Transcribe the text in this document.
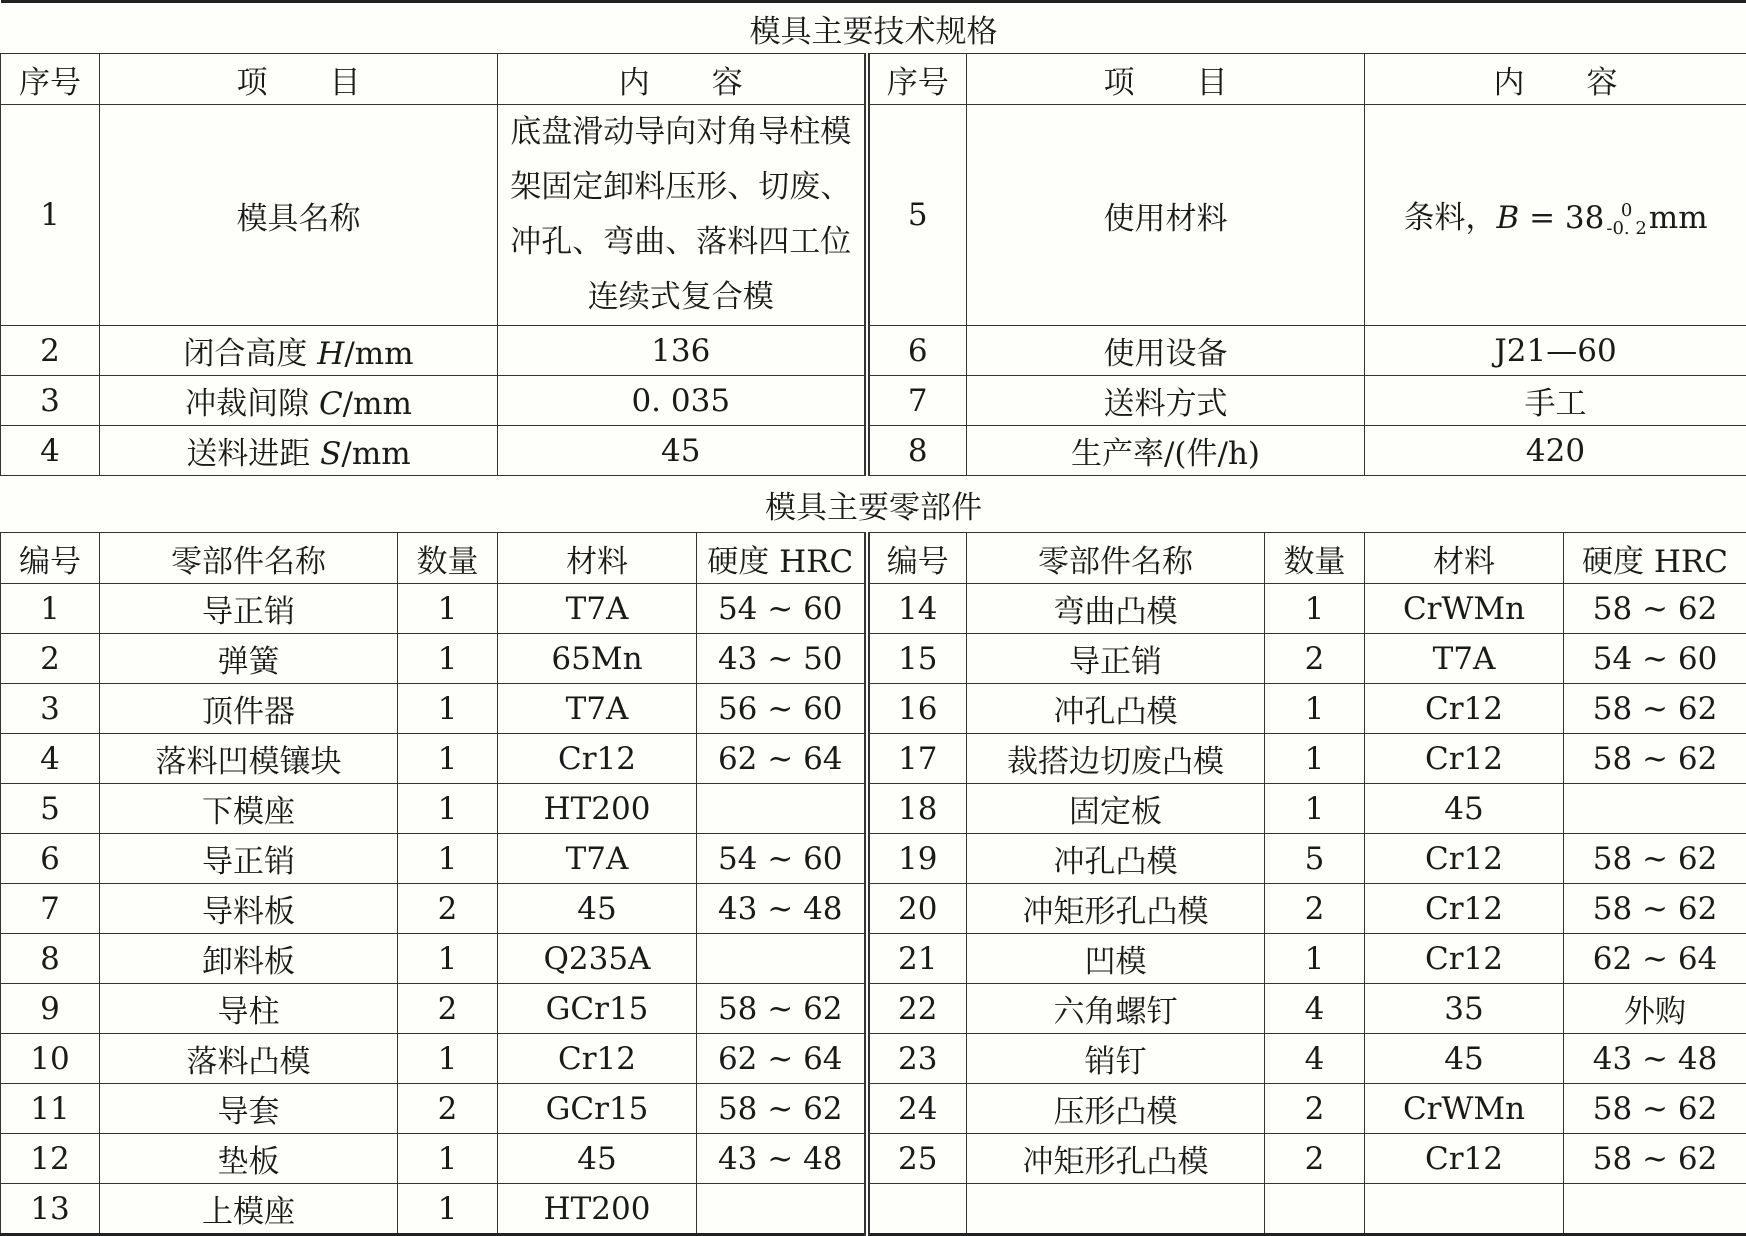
模具主要技术规格									
序号	项　　目		内　　容		序号	项　　目		内　　容	
1	模具名称		底盘滑动导向对角导柱模架固定卸料压形、切废、冲孔、弯曲、落料四工位连续式复合模		5	使用材料		条料，B = 38 0
-0. 2 mm	
2	闭合高度 H/mm		136		6	使用设备		J21—60	
3	冲裁间隙 C/mm		0. 035		7	送料方式		手工	
4	送料进距 S/mm		45		8	生产率/(件/h)		420	
模具主要零部件									
编号	零部件名称	数量	材料	硬度 HRC	编号	零部件名称	数量	材料	硬度 HRC
1	导正销	1	T7A	54 ~ 60	14	弯曲凸模	1	CrWMn	58 ~ 62
2	弹簧	1	65Mn	43 ~ 50	15	导正销	2	T7A	54 ~ 60
3	顶件器	1	T7A	56 ~ 60	16	冲孔凸模	1	Cr12	58 ~ 62
4	落料凹模镶块	1	Cr12	62 ~ 64	17	裁搭边切废凸模	1	Cr12	58 ~ 62
5	下模座	1	HT200		18	固定板	1	45	
6	导正销	1	T7A	54 ~ 60	19	冲孔凸模	5	Cr12	58 ~ 62
7	导料板	2	45	43 ~ 48	20	冲矩形孔凸模	2	Cr12	58 ~ 62
8	卸料板	1	Q235A		21	凹模	1	Cr12	62 ~ 64
9	导柱	2	GCr15	58 ~ 62	22	六角螺钉	4	35	外购
10	落料凸模	1	Cr12	62 ~ 64	23	销钉	4	45	43 ~ 48
11	导套	2	GCr15	58 ~ 62	24	压形凸模	2	CrWMn	58 ~ 62
12	垫板	1	45	43 ~ 48	25	冲矩形孔凸模	2	Cr12	58 ~ 62
13	上模座	1	HT200						
